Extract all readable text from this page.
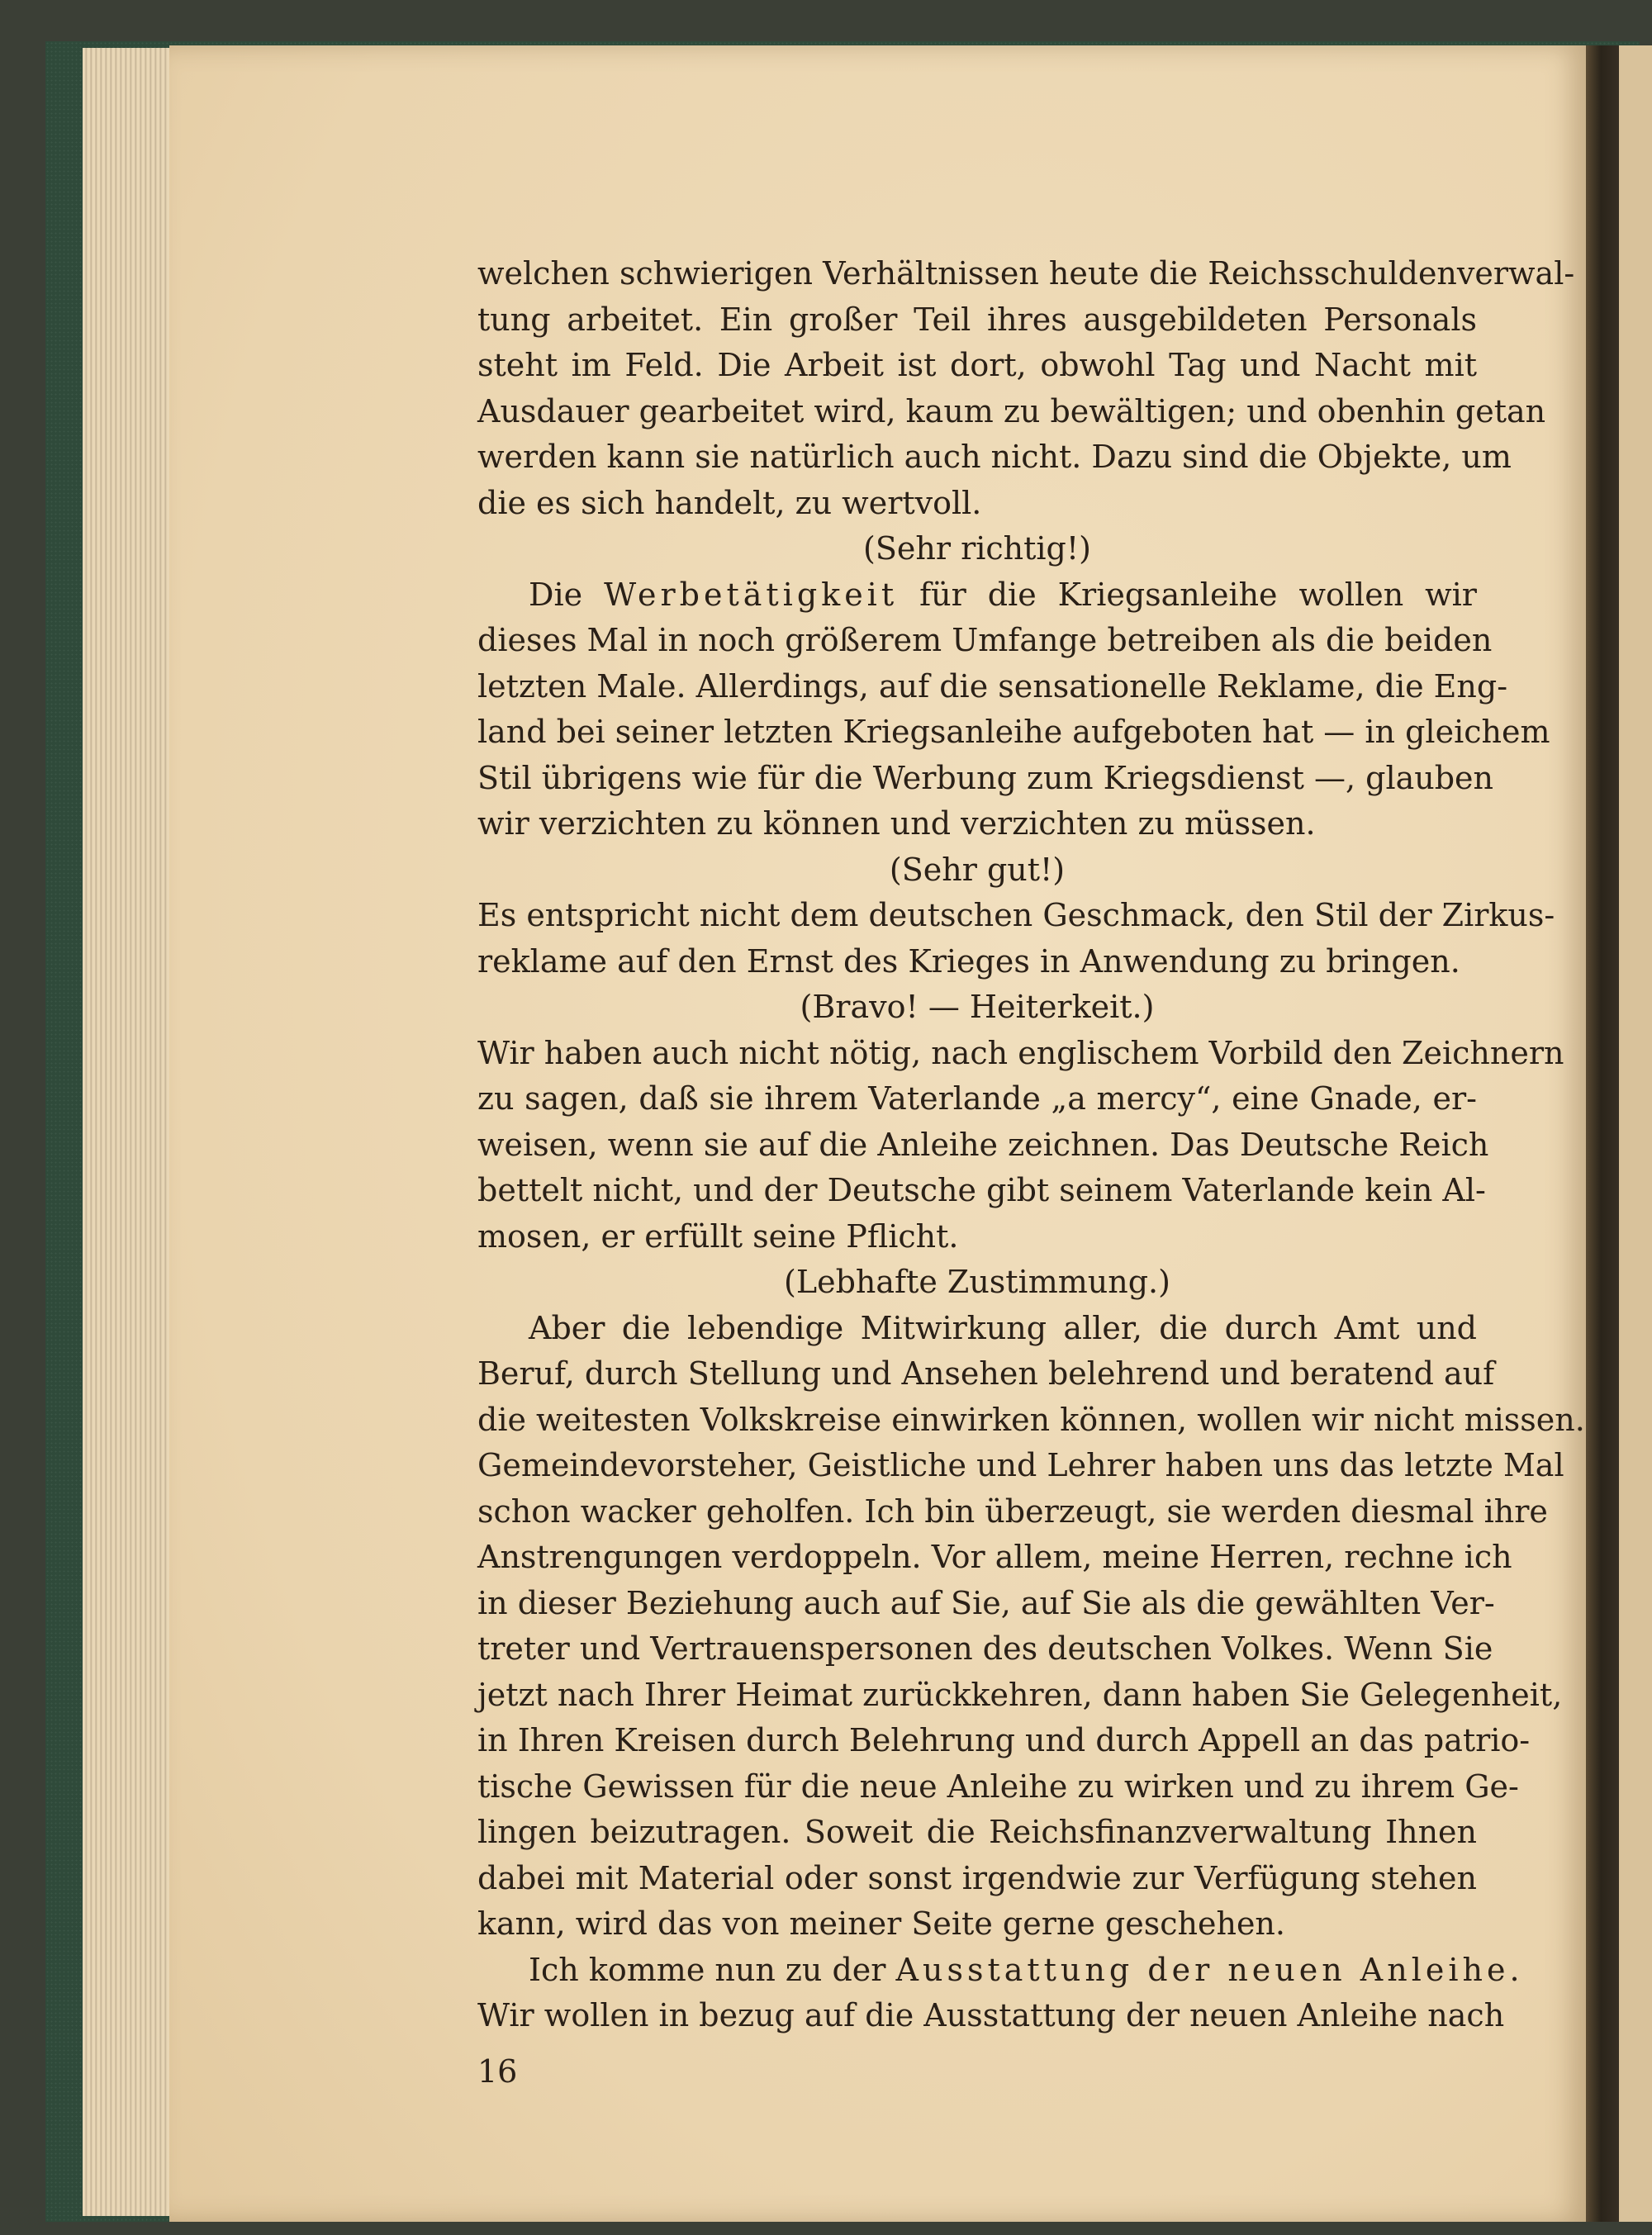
welchen schwierigen Verhältnissen heute die Reichsschuldenverwal-
tung arbeitet. Ein großer Teil ihres ausgebildeten Personals
steht im Feld. Die Arbeit ist dort, obwohl Tag und Nacht mit
Ausdauer gearbeitet wird, kaum zu bewältigen; und obenhin getan
werden kann sie natürlich auch nicht. Dazu sind die Objekte, um
die es sich handelt, zu wertvoll.
(Sehr richtig!)
Die Werbetätigkeit für die Kriegsanleihe wollen wir
dieses Mal in noch größerem Umfange betreiben als die beiden
letzten Male. Allerdings, auf die sensationelle Reklame, die Eng-
land bei seiner letzten Kriegsanleihe aufgeboten hat — in gleichem
Stil übrigens wie für die Werbung zum Kriegsdienst —, glauben
wir verzichten zu können und verzichten zu müssen.
(Sehr gut!)
Es entspricht nicht dem deutschen Geschmack, den Stil der Zirkus-
reklame auf den Ernst des Krieges in Anwendung zu bringen.
(Bravo! — Heiterkeit.)
Wir haben auch nicht nötig, nach englischem Vorbild den Zeichnern
zu sagen, daß sie ihrem Vaterlande „a mercy“, eine Gnade, er-
weisen, wenn sie auf die Anleihe zeichnen. Das Deutsche Reich
bettelt nicht, und der Deutsche gibt seinem Vaterlande kein Al-
mosen, er erfüllt seine Pflicht.
(Lebhafte Zustimmung.)
Aber die lebendige Mitwirkung aller, die durch Amt und
Beruf, durch Stellung und Ansehen belehrend und beratend auf
die weitesten Volkskreise einwirken können, wollen wir nicht missen.
Gemeindevorsteher, Geistliche und Lehrer haben uns das letzte Mal
schon wacker geholfen. Ich bin überzeugt, sie werden diesmal ihre
Anstrengungen verdoppeln. Vor allem, meine Herren, rechne ich
in dieser Beziehung auch auf Sie, auf Sie als die gewählten Ver-
treter und Vertrauenspersonen des deutschen Volkes. Wenn Sie
jetzt nach Ihrer Heimat zurückkehren, dann haben Sie Gelegenheit,
in Ihren Kreisen durch Belehrung und durch Appell an das patrio-
tische Gewissen für die neue Anleihe zu wirken und zu ihrem Ge-
lingen beizutragen. Soweit die Reichsfinanzverwaltung Ihnen
dabei mit Material oder sonst irgendwie zur Verfügung stehen
kann, wird das von meiner Seite gerne geschehen.
Ich komme nun zu der Ausstattung der neuen Anleihe.
Wir wollen in bezug auf die Ausstattung der neuen Anleihe nach
16
